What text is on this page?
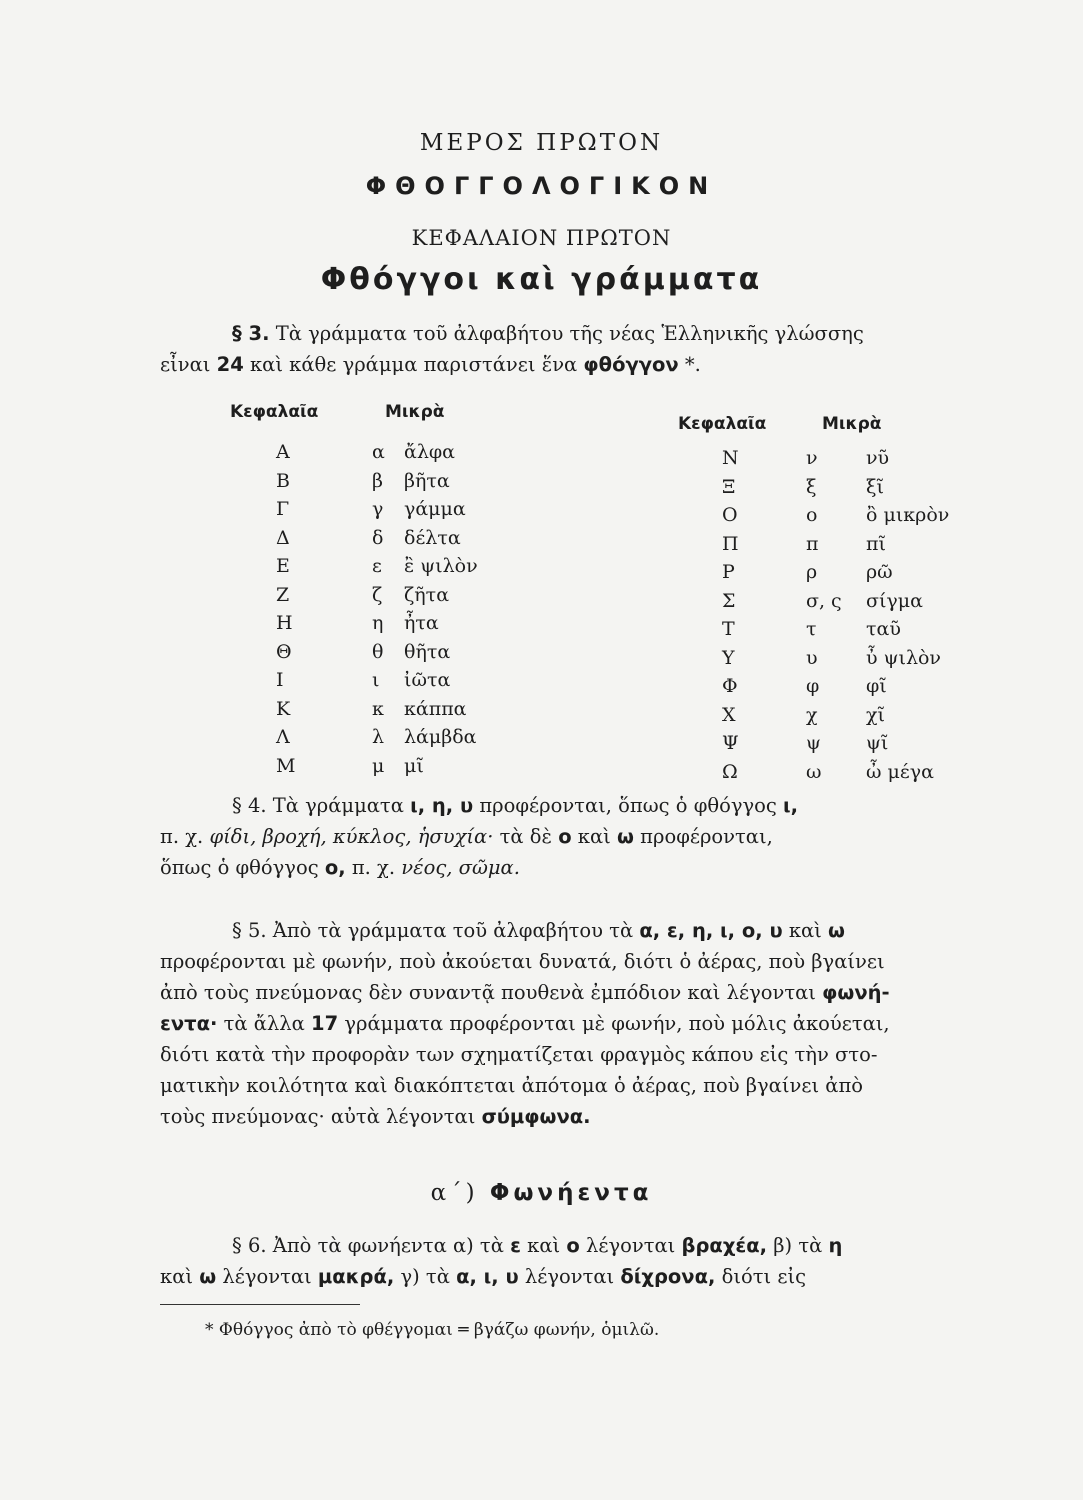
ΜΕΡΟΣ ΠΡΩΤΟΝ
ΦΘΟΓΓΟΛΟΓΙΚΟΝ
ΚΕΦΑΛΑΙΟΝ ΠΡΩΤΟΝ
Φθόγγοι καὶ γράμματα
§ 3. Τὰ γράμματα τοῦ ἀλφαβήτου τῆς νέας Ἑλληνικῆς γλώσσης
εἶναι 24 καὶ κάθε γράμμα παριστάνει ἕνα φθόγγον *.
Κεφαλαῖα	Μικρὰ
Κεφαλαῖα	Μικρὰ
Α	α ἄλφα
Β	β βῆτα
Γ	γ γάμμα
Δ	δ δέλτα
Ε	ε ἒ ψιλὸν
Ζ	ζ ζῆτα
Η	η ἦτα
Θ	θ θῆτα
Ι	ι ἰῶτα
Κ	κ κάππα
Λ	λ λάμβδα
Μ	μ μῖ
Ν	ν	νῦ
Ξ	ξ	ξῖ
Ο	ο	ὂ μικρὸν
Π	π	πῖ
Ρ	ρ	ρῶ
Σ	σ, ς σίγμα
Τ	τ	ταῦ
Υ	υ	ὖ ψιλὸν
Φ	φ φῖ
Χ	χ	χῖ
Ψ	ψ ψῖ
Ω	ω ὦ μέγα
§ 4. Τὰ γράμματα ι, η, υ προφέρονται, ὅπως ὁ φθόγγος ι,
π. χ. φίδι, βροχή, κύκλος, ἡσυχία· τὰ δὲ ο καὶ ω προφέρονται,
ὅπως ὁ φθόγγος ο, π. χ. νέος, σῶμα.
§ 5. Ἀπὸ τὰ γράμματα τοῦ ἀλφαβήτου τὰ α, ε, η, ι, ο, υ καὶ ω
προφέρονται μὲ φωνήν, ποὺ ἀκούεται δυνατά, διότι ὁ ἀέρας, ποὺ βγαίνει
ἀπὸ τοὺς πνεύμονας δὲν συναντᾷ πουθενὰ ἐμπόδιον καὶ λέγονται φωνή-
εντα· τὰ ἄλλα 17 γράμματα προφέρονται μὲ φωνήν, ποὺ μόλις ἀκούεται,
διότι κατὰ τὴν προφορὰν των σχηματίζεται φραγμὸς κάπου εἰς τὴν στο-
ματικὴν κοιλότητα καὶ διακόπτεται ἀπότομα ὁ ἀέρας, ποὺ βγαίνει ἀπὸ
τοὺς πνεύμονας· αὐτὰ λέγονται σύμφωνα.
α΄) Φωνήεντα
§ 6. Ἀπὸ τὰ φωνήεντα α) τὰ ε καὶ ο λέγονται βραχέα, β) τὰ η
καὶ ω λέγονται μακρά, γ) τὰ α, ι, υ λέγονται δίχρονα, διότι εἰς
* Φθόγγος ἀπὸ τὸ φθέγγομαι ═ βγάζω φωνήν, ὁμιλῶ.
